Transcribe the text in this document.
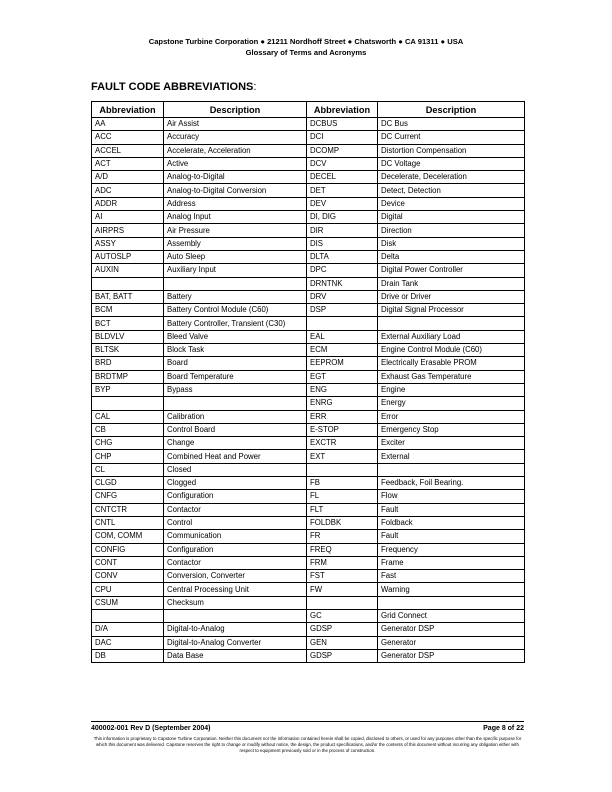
Capstone Turbine Corporation ● 21211 Nordhoff Street ● Chatsworth ● CA 91311 ● USA
Glossary of Terms and Acronyms
FAULT CODE ABBREVIATIONS:
Abbreviation	Description	Abbreviation	Description
AA	Air Assist	DCBUS	DC Bus
ACC	Accuracy	DCI	DC Current
ACCEL	Accelerate, Acceleration	DCOMP	Distortion Compensation
ACT	Active	DCV	DC Voltage
A/D	Analog-to-Digital	DECEL	Decelerate, Deceleration
ADC	Analog-to-Digital Conversion	DET	Detect, Detection
ADDR	Address	DEV	Device
AI	Analog Input	DI, DIG	Digital
AIRPRS	Air Pressure	DIR	Direction
ASSY	Assembly	DIS	Disk
AUTOSLP	Auto Sleep	DLTA	Delta
AUXIN	Auxiliary Input	DPC	Digital Power Controller
		DRNTNK	Drain Tank
BAT, BATT	Battery	DRV	Drive or Driver
BCM	Battery Control Module (C60)	DSP	Digital Signal Processor
BCT	Battery Controller, Transient (C30)		
BLDVLV	Bleed Valve	EAL	External Auxiliary Load
BLTSK	Block Task	ECM	Engine Control Module (C60)
BRD	Board	EEPROM	Electrically Erasable PROM
BRDTMP	Board Temperature	EGT	Exhaust Gas Temperature
BYP	Bypass	ENG	Engine
		ENRG	Energy
CAL	Calibration	ERR	Error
CB	Control Board	E-STOP	Emergency Stop
CHG	Change	EXCTR	Exciter
CHP	Combined Heat and Power	EXT	External
CL	Closed		
CLGD	Clogged	FB	Feedback, Foil Bearing.
CNFG	Configuration	FL	Flow
CNTCTR	Contactor	FLT	Fault
CNTL	Control	FOLDBK	Foldback
COM, COMM	Communication	FR	Fault
CONFIG	Configuration	FREQ	Frequency
CONT	Contactor	FRM	Frame
CONV	Conversion, Converter	FST	Fast
CPU	Central Processing Unit	FW	Warning
CSUM	Checksum		
		GC	Grid Connect
D/A	Digital-to-Analog	GDSP	Generator DSP
DAC	Digital-to-Analog Converter	GEN	Generator
DB	Data Base	GDSP	Generator DSP
400002-001 Rev D (September 2004)	Page 8 of 22
This information is proprietary to Capstone Turbine Corporation. Neither this document nor the information contained herein shall be copied, disclosed to others, or used for any purposes other than the specific purpose for which this document was delivered. Capstone reserves the right to change or modify without notice, the design, the product specifications, and/or the contents of this document without incurring any obligation either with respect to equipment previously sold or in the process of construction.
